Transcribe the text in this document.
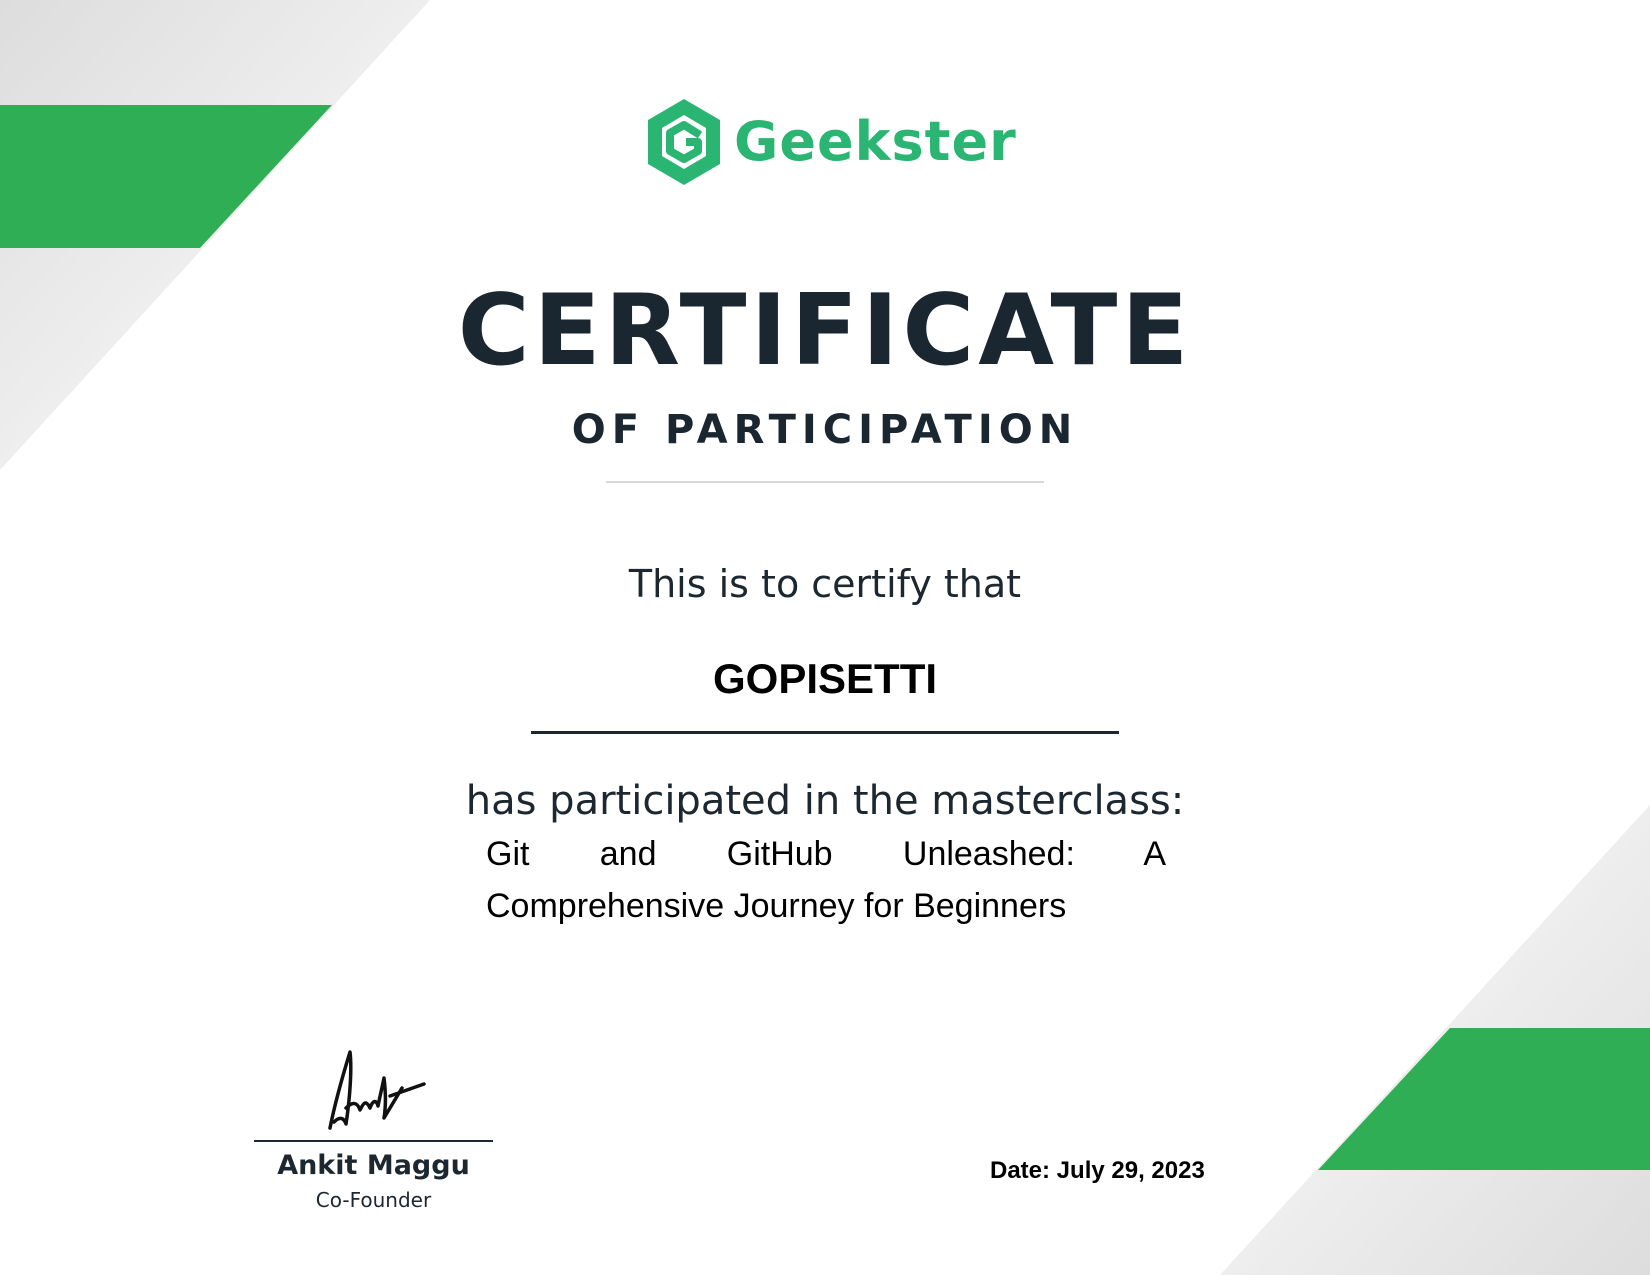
Geekster
CERTIFICATE
OF PARTICIPATION
This is to certify that
GOPISETTI
has participated in the masterclass:
Git and GitHub Unleashed: A Comprehensive Journey for Beginners
Ankit Maggu
Co-Founder
Date: July 29, 2023
